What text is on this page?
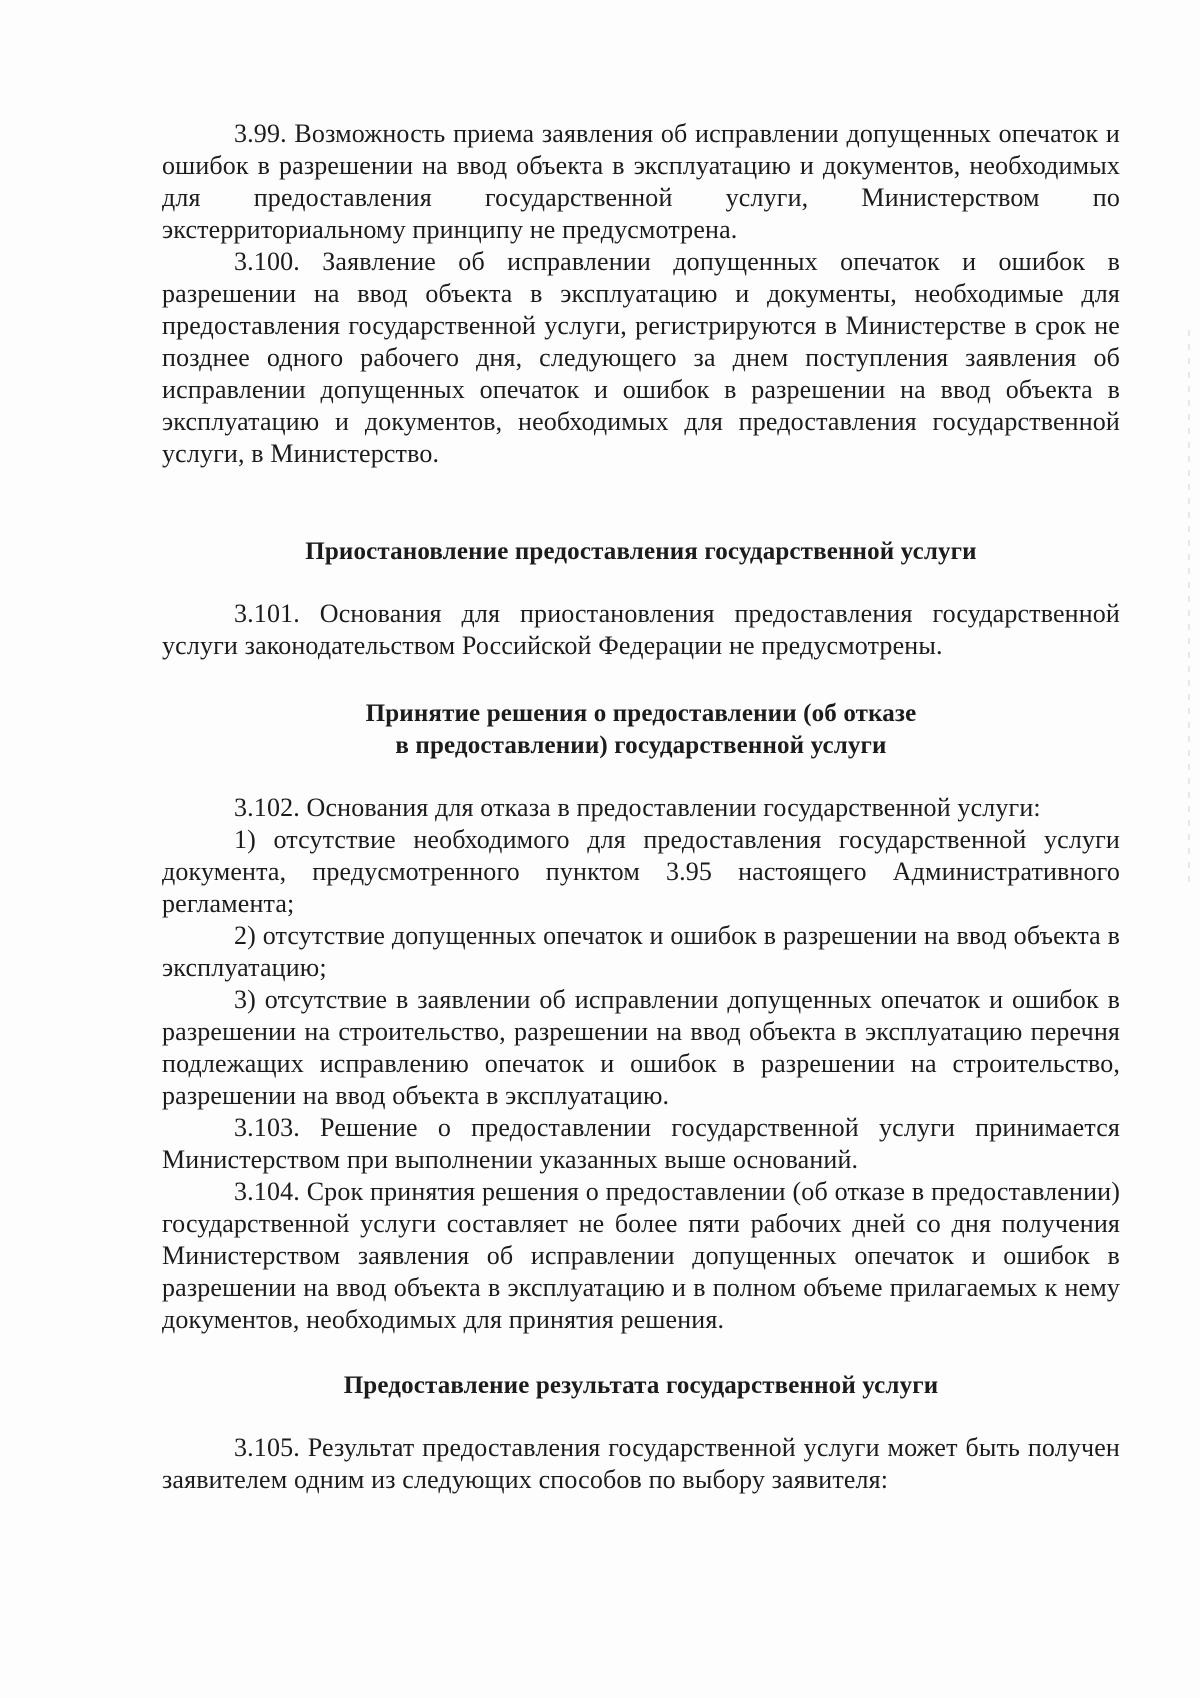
3.99. Возможность приема заявления об исправлении допущенных опечаток и ошибок в разрешении на ввод объекта в эксплуатацию и документов, необходимых для предоставления государственной услуги, Министерством по экстерриториальному принципу не предусмотрена.

3.100. Заявление об исправлении допущенных опечаток и ошибок в разрешении на ввод объекта в эксплуатацию и документы, необходимые для предоставления государственной услуги, регистрируются в Министерстве в срок не позднее одного рабочего дня, следующего за днем поступления заявления об исправлении допущенных опечаток и ошибок в разрешении на ввод объекта в эксплуатацию и документов, необходимых для предоставления государственной услуги, в Министерство.

Приостановление предоставления государственной услуги

3.101. Основания для приостановления предоставления государственной услуги законодательством Российской Федерации не предусмотрены.

Принятие решения о предоставлении (об отказе
в предоставлении) государственной услуги

3.102. Основания для отказа в предоставлении государственной услуги:

1) отсутствие необходимого для предоставления государственной услуги документа, предусмотренного пунктом 3.95 настоящего Административного регламента;

2) отсутствие допущенных опечаток и ошибок в разрешении на ввод объекта в эксплуатацию;

3) отсутствие в заявлении об исправлении допущенных опечаток и ошибок в разрешении на строительство, разрешении на ввод объекта в эксплуатацию перечня подлежащих исправлению опечаток и ошибок в разрешении на строительство, разрешении на ввод объекта в эксплуатацию.

3.103. Решение о предоставлении государственной услуги принимается Министерством при выполнении указанных выше оснований.

3.104. Срок принятия решения о предоставлении (об отказе в предоставлении) государственной услуги составляет не более пяти рабочих дней со дня получения Министерством заявления об исправлении допущенных опечаток и ошибок в разрешении на ввод объекта в эксплуатацию и в полном объеме прилагаемых к нему документов, необходимых для принятия решения.

Предоставление результата государственной услуги

3.105. Результат предоставления государственной услуги может быть получен заявителем одним из следующих способов по выбору заявителя:
